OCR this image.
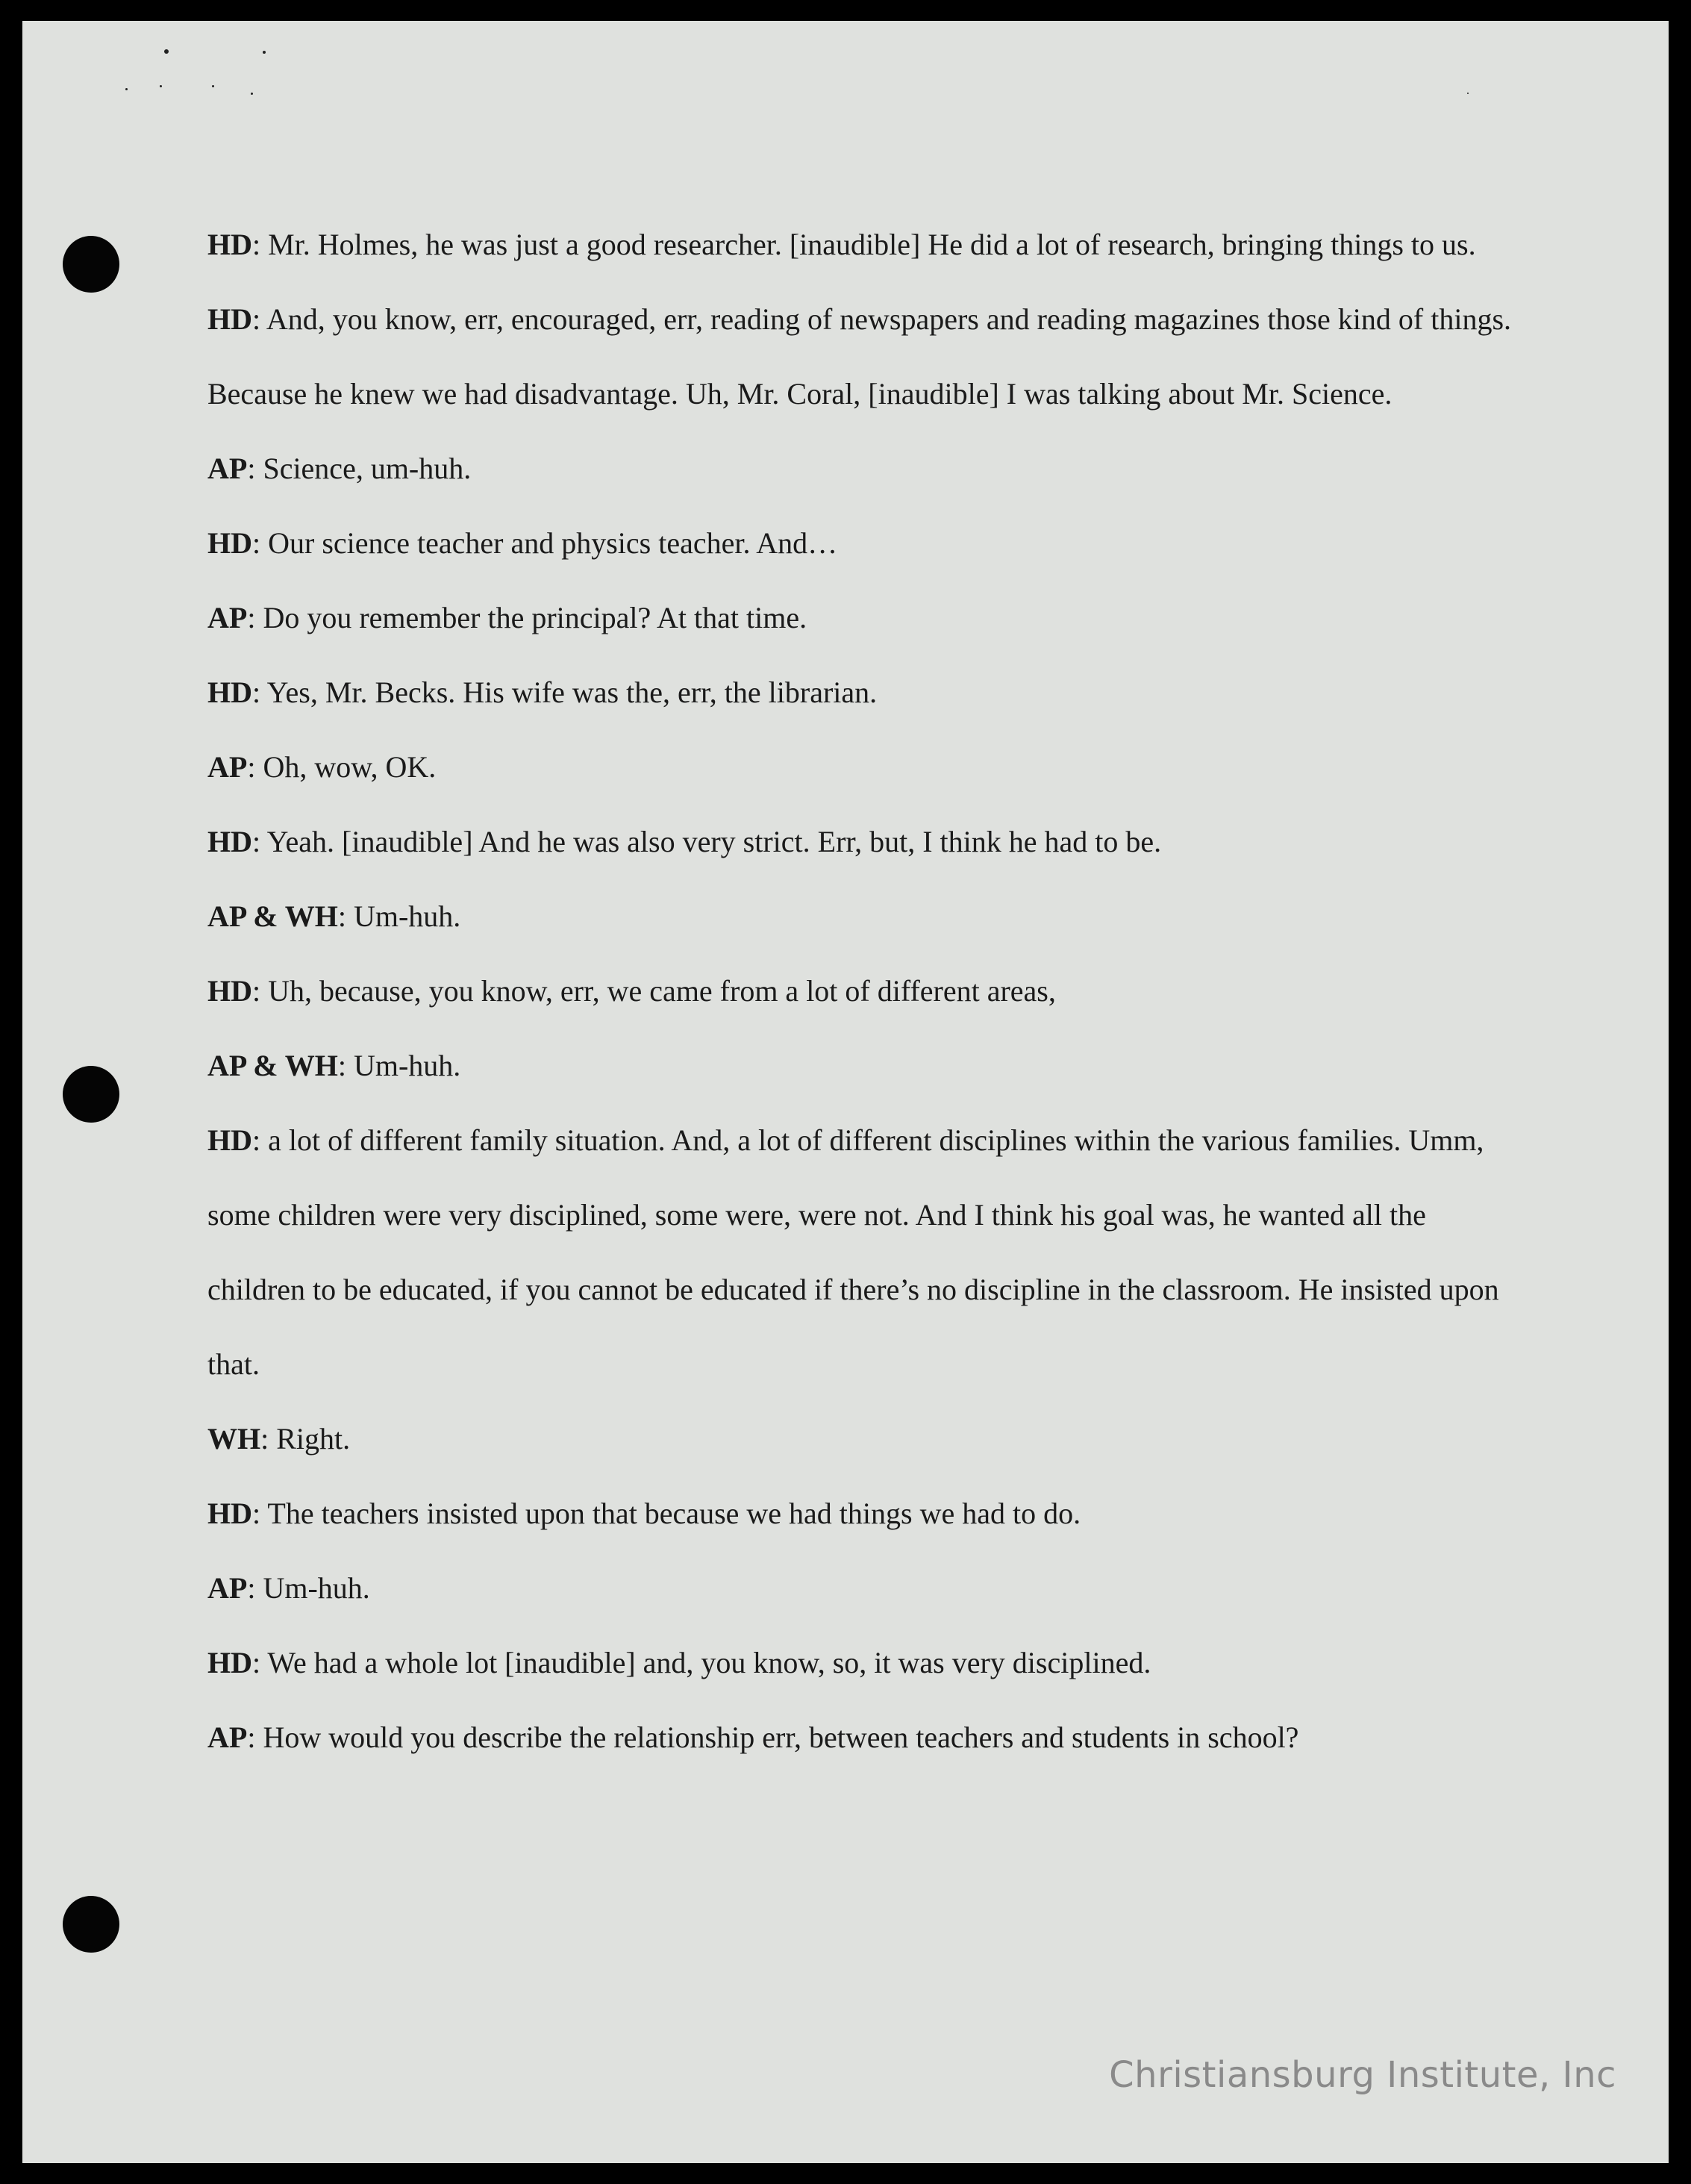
HD: Mr. Holmes, he was just a good researcher. [inaudible] He did a lot of research, bringing things to us.

HD: And, you know, err, encouraged, err, reading of newspapers and reading magazines those kind of things. Because he knew we had disadvantage. Uh, Mr. Coral, [inaudible] I was talking about Mr. Science.

AP: Science, um-huh.

HD: Our science teacher and physics teacher. And…

AP: Do you remember the principal? At that time.

HD: Yes, Mr. Becks. His wife was the, err, the librarian.

AP: Oh, wow, OK.

HD: Yeah. [inaudible] And he was also very strict. Err, but, I think he had to be.

AP & WH: Um-huh.

HD: Uh, because, you know, err, we came from a lot of different areas,

AP & WH: Um-huh.

HD: a lot of different family situation. And, a lot of different disciplines within the various families. Umm, some children were very disciplined, some were, were not. And I think his goal was, he wanted all the children to be educated, if you cannot be educated if there’s no discipline in the classroom. He insisted upon that.

WH: Right.

HD: The teachers insisted upon that because we had things we had to do.

AP: Um-huh.

HD: We had a whole lot [inaudible] and, you know, so, it was very disciplined.

AP: How would you describe the relationship err, between teachers and students in school?

Christiansburg Institute, Inc
